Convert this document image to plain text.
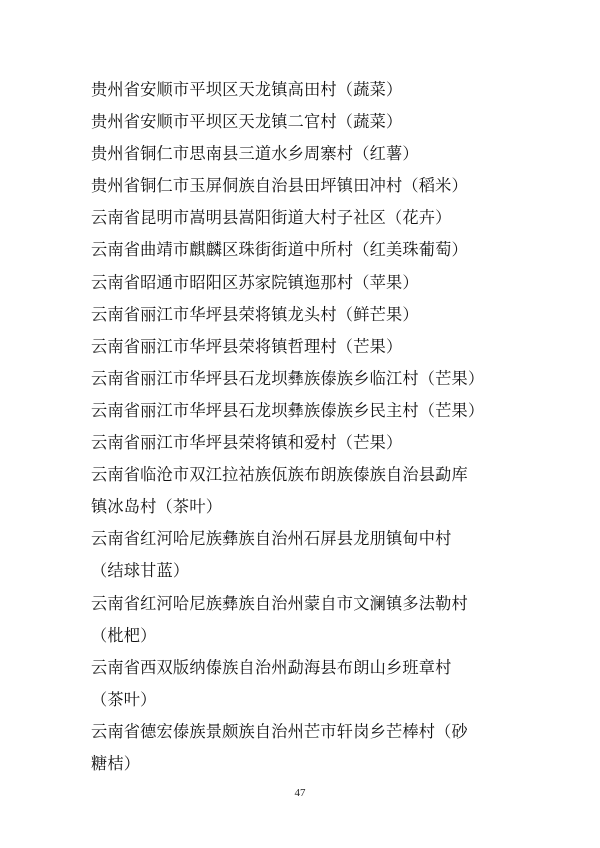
贵州省安顺市平坝区天龙镇高田村（蔬菜）
贵州省安顺市平坝区天龙镇二官村（蔬菜）
贵州省铜仁市思南县三道水乡周寨村（红薯）
贵州省铜仁市玉屏侗族自治县田坪镇田冲村（稻米）
云南省昆明市嵩明县嵩阳街道大村子社区（花卉）
云南省曲靖市麒麟区珠街街道中所村（红美珠葡萄）
云南省昭通市昭阳区苏家院镇迤那村（苹果）
云南省丽江市华坪县荣将镇龙头村（鲜芒果）
云南省丽江市华坪县荣将镇哲理村（芒果）
云南省丽江市华坪县石龙坝彝族傣族乡临江村（芒果）
云南省丽江市华坪县石龙坝彝族傣族乡民主村（芒果）
云南省丽江市华坪县荣将镇和爱村（芒果）
云南省临沧市双江拉祜族佤族布朗族傣族自治县勐库
镇冰岛村（茶叶）
云南省红河哈尼族彝族自治州石屏县龙朋镇甸中村
（结球甘蓝）
云南省红河哈尼族彝族自治州蒙自市文澜镇多法勒村
（枇杷）
云南省西双版纳傣族自治州勐海县布朗山乡班章村
（茶叶）
云南省德宏傣族景颇族自治州芒市轩岗乡芒棒村（砂
糖桔）
47
